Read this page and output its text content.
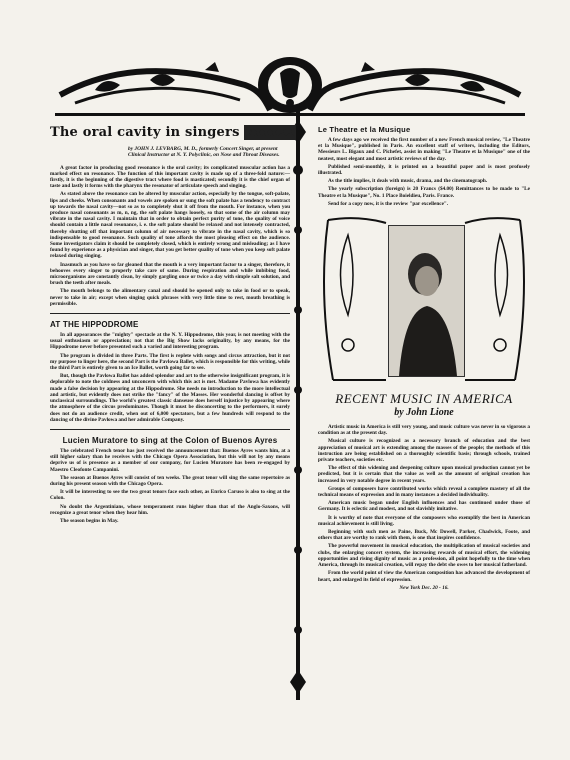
The oral cavity in singers xxxxxx
by JOHN J. LEVBARG, M. D., formerly Concert Singer, at present Clinical Instructor at N. Y. Polyclinic, on Nose and Throat Diseases.

A great factor in producing good resonance is the oral cavity; its complicated muscular action has a marked effect on resonance. The function of this important cavity is made up of a three-fold nature:— firstly, it is the beginning of the digestive tract where food is masticated; secondly it is the chief organ of taste and lastly it forms with the pharynx the resonator of articulate speech and singing.

As stated above the resonance can be altered by muscular action, especially by the tongue, soft-palate, lips and cheeks. When consonants and vowels are spoken or sung the soft palate has a tendency to contract up towards the nasal cavity—not so as to completely shut it off from the mouth. For instance, when you produce nasal consonants as m, n, ng, the soft palate hangs loosely, so that some of the air column may vibrate in the nasal cavity. I maintain that in order to obtain perfect purity of tone, the quality of voice should contain a little nasal resonance, i. e. the soft palate should be relaxed and not intensely contracted, thereby shutting off that important column of air necessary to vibrate in the nasal cavity, which is so indispensable to good resonance. Such quality of tone affords the most pleasing effect on the audience. Some investigators claim it should be completely closed, which is entirely wrong and misleading; as I have found by experience as a physician and singer, that you get better quality of tone when you keep soft palate relaxed during singing.

Inasmuch as you have so far gleaned that the mouth is a very important factor to a singer, therefore, it behooves every singer to properly take care of same. During respiration and while imbibing food, microorganisms are constantly clean, by simply gargling once or twice a day with simple salt solution, and brush the teeth after meals.

The mouth belongs to the alimentary canal and should be opened only to take in food or to speak, never to take in air; except when singing quick phrases with very little time to rest, mouth breathing is permissible.

AT THE HIPPODROME

In all appearances the "mighty" spectacle at the N. Y. Hippodrome, this year, is not meeting with the usual enthusiasm or appreciation; not that the Big Show lacks originality, by any means, for the Hippodrome never before presented such a varied and interesting program.

The program is divided in three Parts. The first is replete with songs and circus attraction, but it not my purpose to linger here, the second Part is the Pavlowa Ballet, which is responsible for this writing, while the third Part is entirely given to an Ice Ballet, worth going far to see.

But, though the Pavlowa Ballet has added splendor and art to the otherwise insignificant program, it is deplorable to note the coldness and unconcern with which this act is met. Madame Pavlowa has evidently made a false decision by appearing at the Hippodrome. She needs no introduction to the more intellectual and artistic, but evidently does not strike the "fancy" of the Masses. Her wonderful dancing is offset by unclassical surroundings. The world's greatest classic danseuse does herself injustice by appearing where the atmosphere of the circus predominates. Though it must be disconcerting to the performers, it surely does not do an audience credit, when out of 6,000 spectators, but a few hundreds will respond to the dancing of the divine Pavlowa and her admirable Company.

Lucien Muratore to sing at the Colon of Buenos Ayres

The celebrated French tenor has just received the announcement that: Buenos Ayres wants him, at a still higher salary than he receives with the Chicago Opera Association, but this will not by any means deprive us of is presence as a member of our company, for Lucien Muratore has been re-engaged by Maestro Cleofonte Campanini.

The season at Buenos Ayres will consist of ten weeks. The great tenor will sing the same repertoire as during his present season with the Chicago Opera.

It will be interesting to see the two great tenors face each other, as Enrico Caruso is also to sing at the Colon.

No doubt the Argentinians, whose temperament runs higher than that of the Anglo-Saxons, will recognize a great tenor when they hear him.

The season begins in May.

Le Theatre et la Musique

A few days ago we received the first number of a new French musical review, "Le Theatre et la Musique", published in Paris. An excellent staff of writers, including the Editors, Messieurs L. Bigaux and C. Pichefet, assist in making "Le Theatre et la Musique" one of the neatest, most elegant and most artistic reviews of the day.

Published semi-monthly, it is printed on a beautiful paper and is most profusely illustrated.

As the title implies, it deals with music, drama, and the cinematograph.

The yearly subscription (foreign) is 20 Francs ($4.00) Remittances to be made to "Le Theatre et la Musique", No. 1 Place Boieldieu, Paris. France.

Send for a copy now, it is the review "par excellence".

RECENT MUSIC IN AMERICA
by John Lione

Artistic music in America is still very young, and music culture was never in so vigorous a condition as at the present day.

Musical culture is recognized as a necessary branch of education and the best appreciation of musical art is extending among the masses of the people; the methods of this instruction are being established on a thoroughly scientific basis; through schools, trained private teachers, societies etc.

The effect of this widening and deepening culture upon musical production cannot yet be predicted, but it is certain that the value as well as the amount of original creation has increased in very notable degree in recent years.

Groups of composers have contributed works which reveal a complete mastery of all the technical means of expression and in many instances a decided individuality.

American music began under English influences and has continued under those of Germany. It is eclectic and modest, and not slavishly imitative.

It is worthy of note that everyone of the composers who exemplify the best in American musical achievement is still living.

Beginning with such men as Paine, Buck, Mc Dowell, Parker, Chadwick, Foote, and others that are worthy to rank with them, is one that inspires confidence.

The powerful movement in musical education, the multiplication of musical societies and clubs, the enlarging concert system, the increasing rewards of musical effort, the widening opportunities and rising dignity of music as a profession, all point hopefully to the time when America, through its musical creation, will repay the debt she owes to her musical fatherland.

From the world point of view the American composition has advanced the development of heart, and enlarged its field of expression.

New York Dec. 20 - 16.
